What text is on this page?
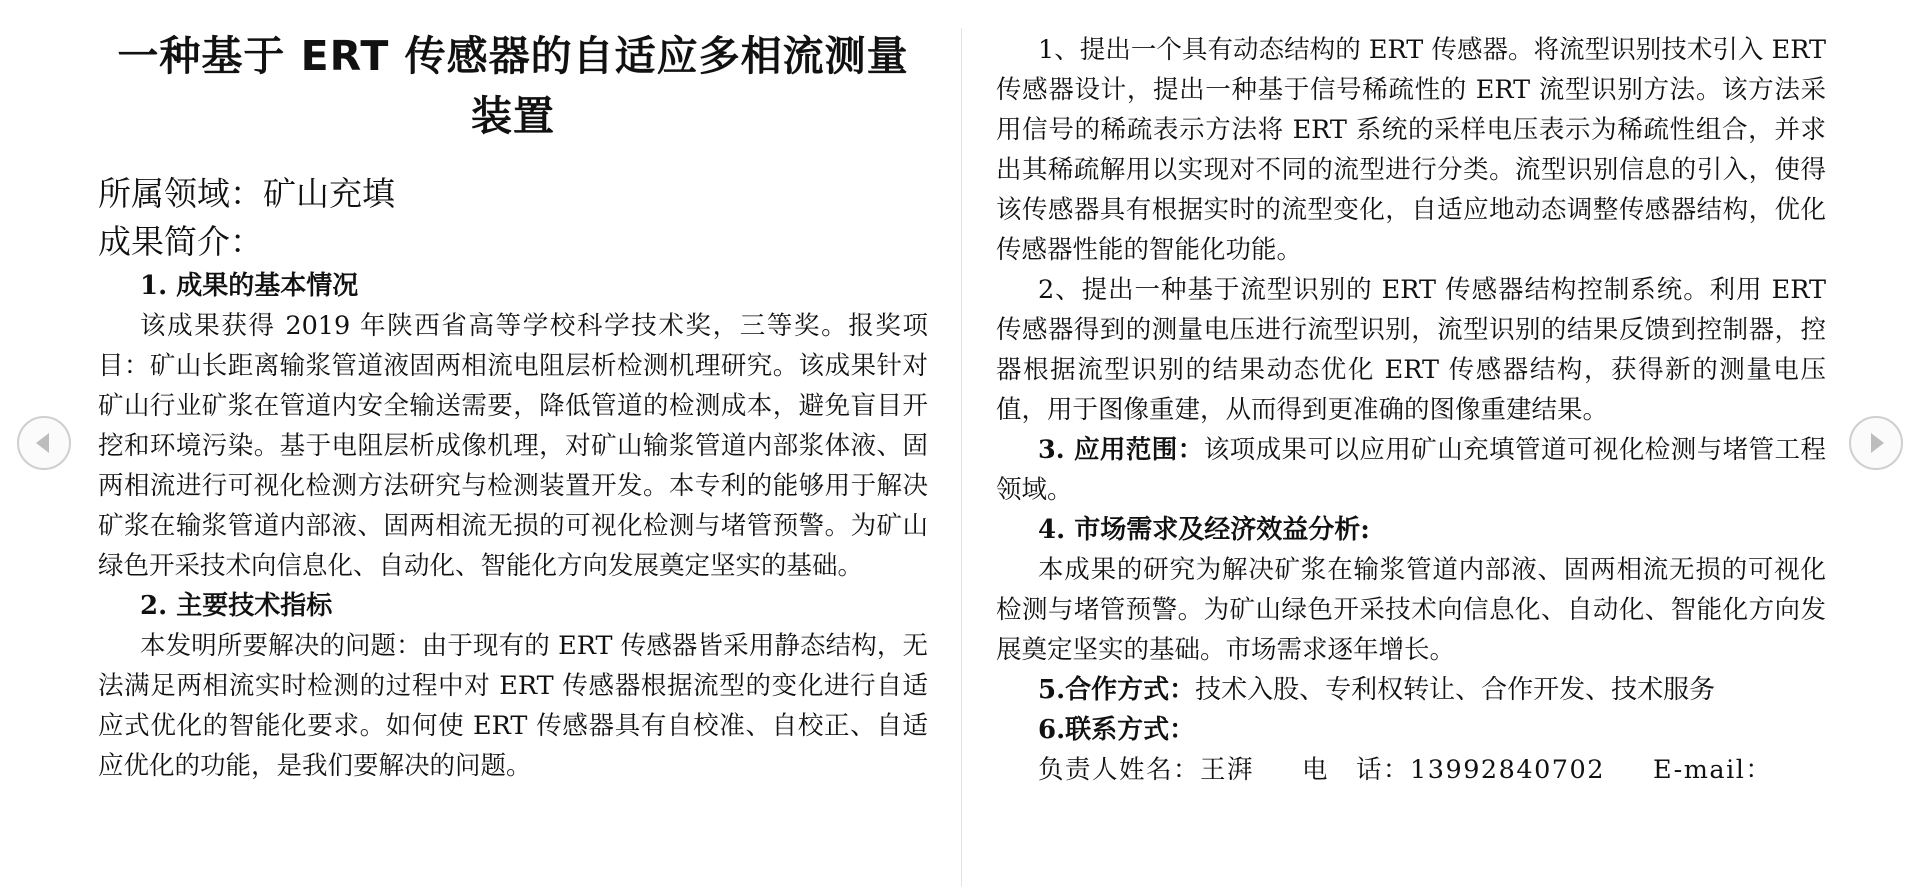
一种基于 ERT 传感器的自适应多相流测量装置

所属领域：矿山充填

成果简介：

1. 成果的基本情况

该成果获得 2019 年陕西省高等学校科学技术奖，三等奖。报奖项目：矿山长距离输浆管道液固两相流电阻层析检测机理研究。该成果针对矿山行业矿浆在管道内安全输送需要，降低管道的检测成本，避免盲目开挖和环境污染。基于电阻层析成像机理，对矿山输浆管道内部浆体液、固两相流进行可视化检测方法研究与检测装置开发。本专利的能够用于解决矿浆在输浆管道内部液、固两相流无损的可视化检测与堵管预警。为矿山绿色开采技术向信息化、自动化、智能化方向发展奠定坚实的基础。

2. 主要技术指标

本发明所要解决的问题：由于现有的 ERT 传感器皆采用静态结构，无法满足两相流实时检测的过程中对 ERT 传感器根据流型的变化进行自适应式优化的智能化要求。如何使 ERT 传感器具有自校准、自校正、自适应优化的功能，是我们要解决的问题。

1、提出一个具有动态结构的 ERT 传感器。将流型识别技术引入 ERT 传感器设计，提出一种基于信号稀疏性的 ERT 流型识别方法。该方法采用信号的稀疏表示方法将 ERT 系统的采样电压表示为稀疏性组合，并求出其稀疏解用以实现对不同的流型进行分类。流型识别信息的引入，使得该传感器具有根据实时的流型变化，自适应地动态调整传感器结构，优化传感器性能的智能化功能。

2、提出一种基于流型识别的 ERT 传感器结构控制系统。利用 ERT 传感器得到的测量电压进行流型识别，流型识别的结果反馈到控制器，控器根据流型识别的结果动态优化 ERT 传感器结构，获得新的测量电压值，用于图像重建，从而得到更准确的图像重建结果。

3. 应用范围：该项成果可以应用矿山充填管道可视化检测与堵管工程领域。

4. 市场需求及经济效益分析:

本成果的研究为解决矿浆在输浆管道内部液、固两相流无损的可视化检测与堵管预警。为矿山绿色开采技术向信息化、自动化、智能化方向发展奠定坚实的基础。市场需求逐年增长。

5.合作方式：技术入股、专利权转让、合作开发、技术服务

6.联系方式：

负责人姓名：王湃 电　话：13992840702 E-mail：
